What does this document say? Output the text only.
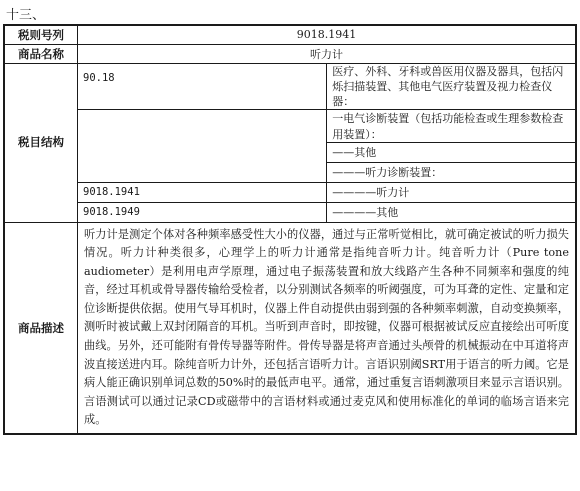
十三、
税则号列	9018.1941	
商品名称	听力计	
税目结构	90.18	医疗、外科、牙科或兽医用仪器及器具，包括闪烁扫描装置、其他电气医疗装置及视力检查仪器：
		一电气诊断装置（包括功能检查或生理参数检查用装置）：
		——其他
		———听力诊断装置：
	9018.1941	————听力计
	9018.1949	————其他
商品描述	听力计是测定个体对各种频率感受性大小的仪器，通过与正常听觉相比，就可确定被试的听力损失情况。听力计种类很多，心理学上的听力计通常是指纯音听力计。纯音听力计（Pure tone audiometer）是利用电声学原理，通过电子振荡装置和放大线路产生各种不同频率和强度的纯音，经过耳机或骨导器传输给受检者，以分别测试各频率的听阈强度，可为耳聋的定性、定量和定位诊断提供依据。使用气导耳机时，仪器上件自动提供由弱到强的各种频率刺激，自动变换频率，测听时被试戴上双封闭隔音的耳机。当听到声音时，即按键，仪器可根据被试反应直接绘出可听度曲线。另外，还可能附有骨传导器等附件。骨传导器是将声音通过头颅骨的机械振动在中耳道将声波直接送进内耳。除纯音听力计外，还包括言语听力计。言语识别阈SRT用于语言的听力阈。它是病人能正确识别单词总数的50%时的最低声电平。通常，通过重复言语刺激项目来显示言语识别。言语测试可以通过记录CD或磁带中的言语材料或通过麦克风和使用标准化的单词的临场言语来完成。	
